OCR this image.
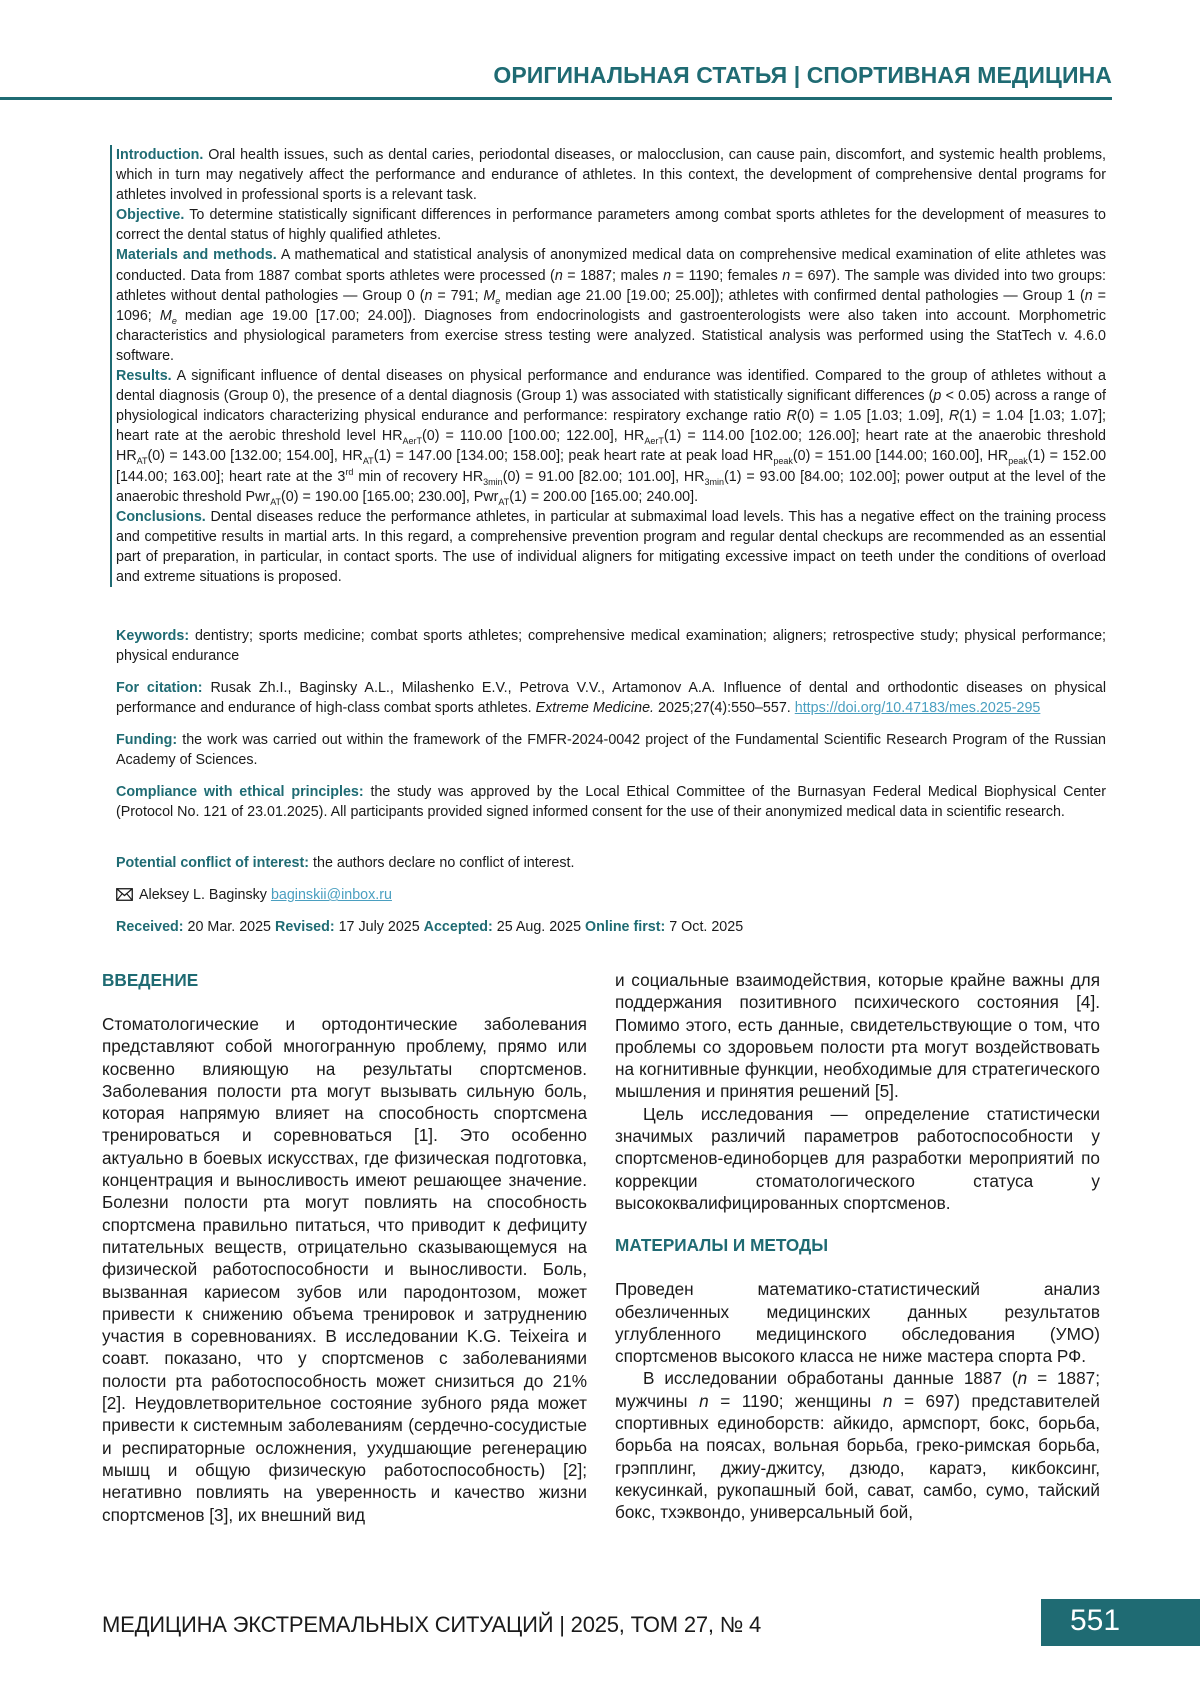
ОРИГИНАЛЬНАЯ СТАТЬЯ | СПОРТИВНАЯ МЕДИЦИНА

Introduction. Oral health issues, such as dental caries, periodontal diseases, or malocclusion, can cause pain, discomfort, and systemic health problems, which in turn may negatively affect the performance and endurance of athletes. In this context, the development of comprehensive dental programs for athletes involved in professional sports is a relevant task.

Objective. To determine statistically significant differences in performance parameters among combat sports athletes for the development of measures to correct the dental status of highly qualified athletes.

Materials and methods. A mathematical and statistical analysis of anonymized medical data on comprehensive medical examination of elite athletes was conducted. Data from 1887 combat sports athletes were processed (n = 1887; males n = 1190; females n = 697). The sample was divided into two groups: athletes without dental pathologies — Group 0 (n = 791; $M_e$ median age 21.00 [19.00; 25.00]); athletes with confirmed dental pathologies — Group 1 (n = 1096; $M_e$ median age 19.00 [17.00; 24.00]). Diagnoses from endocrinologists and gastroenterologists were also taken into account. Morphometric characteristics and physiological parameters from exercise stress testing were analyzed. Statistical analysis was performed using the StatTech v. 4.6.0 software.

Results. A significant influence of dental diseases on physical performance and endurance was identified. Compared to the group of athletes without a dental diagnosis (Group 0), the presence of a dental diagnosis (Group 1) was associated with statistically significant differences (p < 0.05) across a range of physiological indicators characterizing physical endurance and performance: respiratory exchange ratio R(0) = 1.05 [1.03; 1.09], R(1) = 1.04 [1.03; 1.07]; heart rate at the aerobic threshold level $HR_{AerT}(0) = 110.00$ [100.00; 122.00], $HR_{AerT}(1) = 114.00$ [102.00; 126.00]; heart rate at the anaerobic threshold $HR_{AT}(0) = 143.00$ [132.00; 154.00], $HR_{AT}(1) = 147.00$ [134.00; 158.00]; peak heart rate at peak load $HR_{peak}(0) = 151.00$ [144.00; 160.00], $HR_{peak}(1) = 152.00$ [144.00; 163.00]; heart rate at the 3rd min of recovery $HR_{3min}(0) = 91.00$ [82.00; 101.00], $HR_{3min}(1) = 93.00$ [84.00; 102.00]; power output at the level of the anaerobic threshold Pwr$_{AT}$(0) = 190.00 [165.00; 230.00], Pwr$_{AT}$(1) = 200.00 [165.00; 240.00].

Conclusions. Dental diseases reduce the performance athletes, in particular at submaximal load levels. This has a negative effect on the training process and competitive results in martial arts. In this regard, a comprehensive prevention program and regular dental checkups are recommended as an essential part of preparation, in particular, in contact sports. The use of individual aligners for mitigating excessive impact on teeth under the conditions of overload and extreme situations is proposed.

Keywords: dentistry; sports medicine; combat sports athletes; comprehensive medical examination; aligners; retrospective study; physical performance; physical endurance

For citation: Rusak Zh.I., Baginsky A.L., Milashenko E.V., Petrova V.V., Artamonov A.A. Influence of dental and orthodontic diseases on physical performance and endurance of high-class combat sports athletes. Extreme Medicine. 2025;27(4):550–557. https://doi.org/10.47183/mes.2025-295

Funding: the work was carried out within the framework of the FMFR-2024-0042 project of the Fundamental Scientific Research Program of the Russian Academy of Sciences.

Compliance with ethical principles: the study was approved by the Local Ethical Committee of the Burnasyan Federal Medical Biophysical Center (Protocol No. 121 of 23.01.2025). All participants provided signed informed consent for the use of their anonymized medical data in scientific research.

Potential conflict of interest: the authors declare no conflict of interest.

Aleksey L. Baginsky baginskii@inbox.ru

Received: 20 Mar. 2025 Revised: 17 July 2025 Accepted: 25 Aug. 2025 Online first: 7 Oct. 2025

ВВЕДЕНИЕ

Стоматологические и ортодонтические заболевания представляют собой многогранную проблему, прямо или косвенно влияющую на результаты спортсменов. Заболевания полости рта могут вызывать сильную боль, которая напрямую влияет на способность спортсмена тренироваться и соревноваться [1]. Это особенно актуально в боевых искусствах, где физическая подготовка, концентрация и выносливость имеют решающее значение. Болезни полости рта могут повлиять на способность спортсмена правильно питаться, что приводит к дефициту питательных веществ, отрицательно сказывающемуся на физической работоспособности и выносливости. Боль, вызванная кариесом зубов или пародонтозом, может привести к снижению объема тренировок и затруднению участия в соревнованиях. В исследовании K.G. Teixeira и соавт. показано, что у спортсменов с заболеваниями полости рта работоспособность может снизиться до 21% [2]. Неудовлетворительное состояние зубного ряда может привести к системным заболеваниям (сердечно-сосудистые и респираторные осложнения, ухудшающие регенерацию мышц и общую физическую работоспособность) [2]; негативно повлиять на уверенность и качество жизни спортсменов [3], их внешний вид

и социальные взаимодействия, которые крайне важны для поддержания позитивного психического состояния [4]. Помимо этого, есть данные, свидетельствующие о том, что проблемы со здоровьем полости рта могут воздействовать на когнитивные функции, необходимые для стратегического мышления и принятия решений [5].

Цель исследования — определение статистически значимых различий параметров работоспособности у спортсменов-единоборцев для разработки мероприятий по коррекции стоматологического статуса у высококвалифицированных спортсменов.

МАТЕРИАЛЫ И МЕТОДЫ

Проведен математико-статистический анализ обезличенных медицинских данных результатов углубленного медицинского обследования (УМО) спортсменов высокого класса не ниже мастера спорта РФ.

В исследовании обработаны данные 1887 (n = 1887; мужчины n = 1190; женщины n = 697) представителей спортивных единоборств: айкидо, армспорт, бокс, борьба, борьба на поясах, вольная борьба, греко-римская борьба, грэпплинг, джиу-джитсу, дзюдо, каратэ, кикбоксинг, кекусинкай, рукопашный бой, сават, самбо, сумо, тайский бокс, тхэквондо, универсальный бой,

МЕДИЦИНА ЭКСТРЕМАЛЬНЫХ СИТУАЦИЙ | 2025, ТОМ 27, № 4	551
